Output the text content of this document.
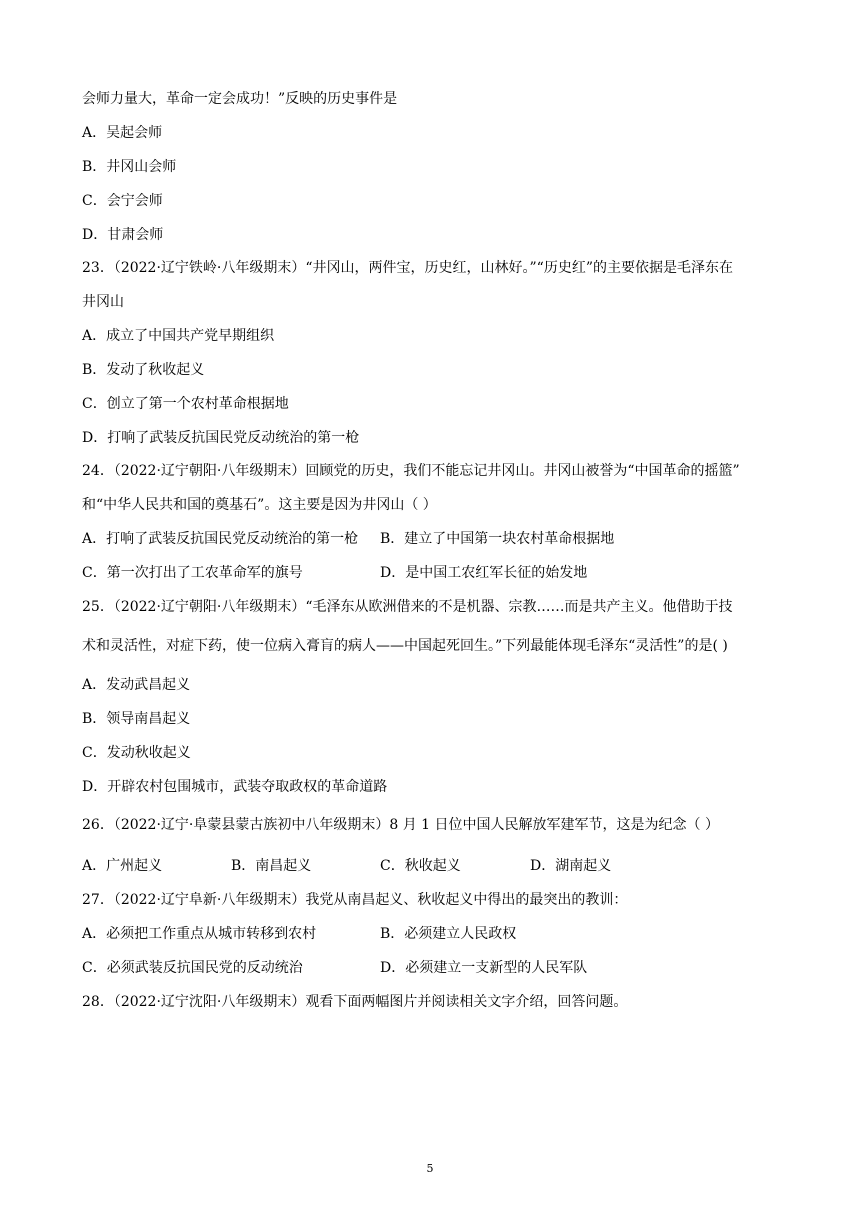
会师力量大，革命一定会成功！”反映的历史事件是
A．吴起会师
B．井冈山会师
C．会宁会师
D．甘肃会师
23．（2022·辽宁铁岭·八年级期末）“井冈山，两件宝，历史红，山林好。”“历史红”的主要依据是毛泽东在
井冈山
A．成立了中国共产党早期组织
B．发动了秋收起义
C．创立了第一个农村革命根据地
D．打响了武装反抗国民党反动统治的第一枪
24．（2022·辽宁朝阳·八年级期末）回顾党的历史，我们不能忘记井冈山。井冈山被誉为“中国革命的摇篮”
和“中华人民共和国的奠基石”。这主要是因为井冈山（ ）
A．打响了武装反抗国民党反动统治的第一枪 B．建立了中国第一块农村革命根据地
C．第一次打出了工农革命军的旗号	D．是中国工农红军长征的始发地
25．（2022·辽宁朝阳·八年级期末）“毛泽东从欧洲借来的不是机器、宗教……而是共产主义。他借助于技
术和灵活性，对症下药，使一位病入膏肓的病人——中国起死回生。”下列最能体现毛泽东“灵活性”的是( )
A．发动武昌起义
B．领导南昌起义
C．发动秋收起义
D．开辟农村包围城市，武装夺取政权的革命道路
26．（2022·辽宁·阜蒙县蒙古族初中八年级期末）8 月 1 日位中国人民解放军建军节，这是为纪念（ ）
A．广州起义	B．南昌起义	C．秋收起义	D．湖南起义
27．（2022·辽宁阜新·八年级期末）我党从南昌起义、秋收起义中得出的最突出的教训：
A．必须把工作重点从城市转移到农村	B．必须建立人民政权
C．必须武装反抗国民党的反动统治	D．必须建立一支新型的人民军队
28．（2022·辽宁沈阳·八年级期末）观看下面两幅图片并阅读相关文字介绍，回答问题。
5
